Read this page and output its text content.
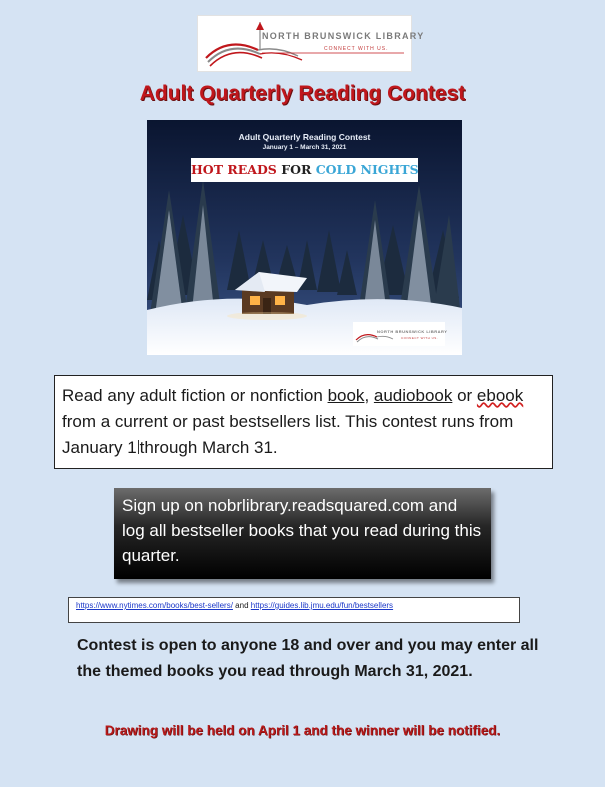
NORTH BRUNSWICK LIBRARY
CONNECT WITH US.
Adult Quarterly Reading Contest
Adult Quarterly Reading Contest
January 1 – March 31, 2021
HOT READS FOR COLD NIGHTS
NORTH BRUNSWICK LIBRARY
CONNECT WITH US.
Read any adult fiction or nonfiction book, audiobook or ebook from a current or past bestsellers list. This contest runs from January 1 through March 31.
Sign up on nobrlibrary.readsquared.com and log all bestseller books that you read during this quarter.
https://www.nytimes.com/books/best-sellers/ and https://guides.lib.jmu.edu/fun/bestsellers
Contest is open to anyone 18 and over and you may enter all the themed books you read through March 31, 2021.
Drawing will be held on April 1 and the winner will be notified.
